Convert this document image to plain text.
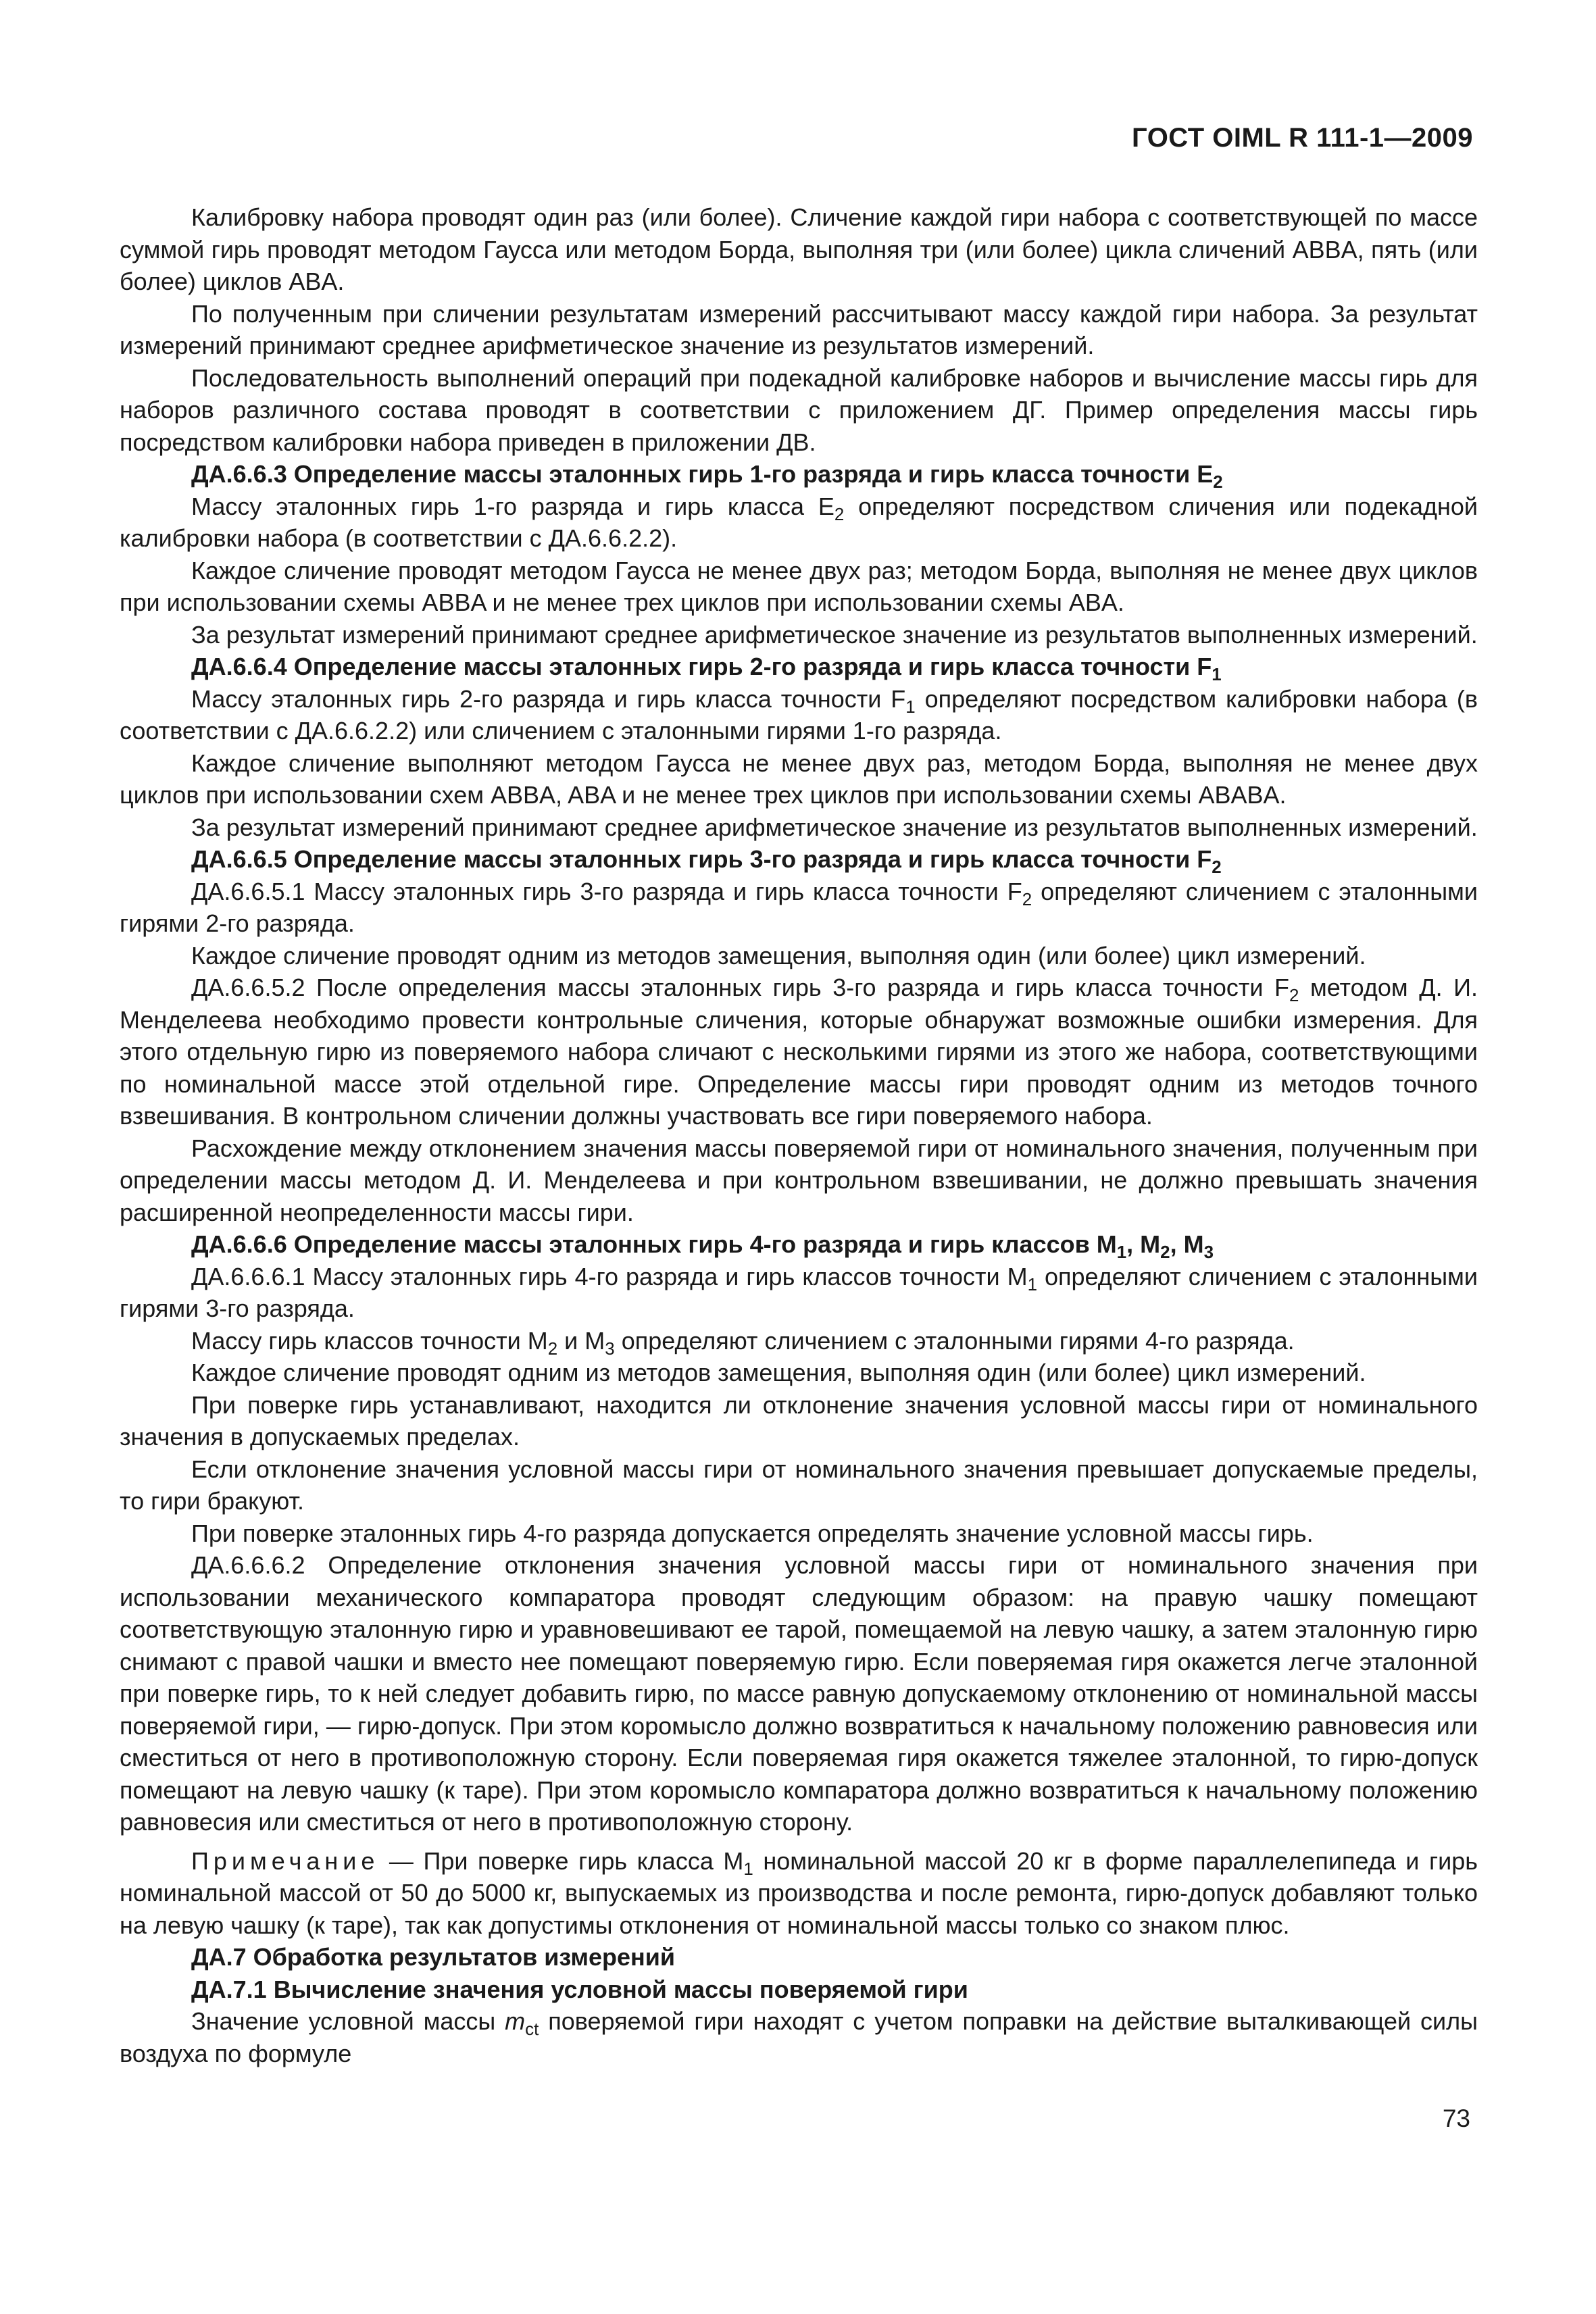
ГОСТ OIML R 111-1—2009

Калибровку набора проводят один раз (или более). Сличение каждой гири набора с соответствующей по массе суммой гирь проводят методом Гаусса или методом Борда, выполняя три (или более) цикла сличений ABBA, пять (или более) циклов ABA.

По полученным при сличении результатам измерений рассчитывают массу каждой гири набора. За результат измерений принимают среднее арифметическое значение из результатов измерений.

Последовательность выполнений операций при подекадной калибровке наборов и вычисление массы гирь для наборов различного состава проводят в соответствии с приложением ДГ. Пример определения массы гирь посредством калибровки набора приведен в приложении ДВ.

ДА.6.6.3 Определение массы эталонных гирь 1-го разряда и гирь класса точности $E_2$

Массу эталонных гирь 1-го разряда и гирь класса $E_2$ определяют посредством сличения или подекадной калибровки набора (в соответствии с ДА.6.6.2.2).

Каждое сличение проводят методом Гаусса не менее двух раз; методом Борда, выполняя не менее двух циклов при использовании схемы ABBA и не менее трех циклов при использовании схемы ABA.

За результат измерений принимают среднее арифметическое значение из результатов выполненных измерений.

ДА.6.6.4 Определение массы эталонных гирь 2-го разряда и гирь класса точности $F_1$

Массу эталонных гирь 2-го разряда и гирь класса точности $F_1$ определяют посредством калибровки набора (в соответствии с ДА.6.6.2.2) или сличением с эталонными гирями 1-го разряда.

Каждое сличение выполняют методом Гаусса не менее двух раз, методом Борда, выполняя не менее двух циклов при использовании схем ABBA, ABA и не менее трех циклов при использовании схемы ABABA.

За результат измерений принимают среднее арифметическое значение из результатов выполненных измерений.

ДА.6.6.5 Определение массы эталонных гирь 3-го разряда и гирь класса точности $F_2$

ДА.6.6.5.1 Массу эталонных гирь 3-го разряда и гирь класса точности $F_2$ определяют сличением с эталонными гирями 2-го разряда.

Каждое сличение проводят одним из методов замещения, выполняя один (или более) цикл измерений.

ДА.6.6.5.2 После определения массы эталонных гирь 3-го разряда и гирь класса точности $F_2$ методом Д. И. Менделеева необходимо провести контрольные сличения, которые обнаружат возможные ошибки измерения. Для этого отдельную гирю из поверяемого набора сличают с несколькими гирями из этого же набора, соответствующими по номинальной массе этой отдельной гире. Определение массы гири проводят одним из методов точного взвешивания. В контрольном сличении должны участвовать все гири поверяемого набора.

Расхождение между отклонением значения массы поверяемой гири от номинального значения, полученным при определении массы методом Д. И. Менделеева и при контрольном взвешивании, не должно превышать значения расширенной неопределенности массы гири.

ДА.6.6.6 Определение массы эталонных гирь 4-го разряда и гирь классов $M_1$, $M_2$, $M_3$

ДА.6.6.6.1 Массу эталонных гирь 4-го разряда и гирь классов точности $M_1$ определяют сличением с эталонными гирями 3-го разряда.

Массу гирь классов точности $M_2$ и $M_3$ определяют сличением с эталонными гирями 4-го разряда.

Каждое сличение проводят одним из методов замещения, выполняя один (или более) цикл измерений.

При поверке гирь устанавливают, находится ли отклонение значения условной массы гири от номинального значения в допускаемых пределах.

Если отклонение значения условной массы гири от номинального значения превышает допускаемые пределы, то гири бракуют.

При поверке эталонных гирь 4-го разряда допускается определять значение условной массы гирь.

ДА.6.6.6.2 Определение отклонения значения условной массы гири от номинального значения при использовании механического компаратора проводят следующим образом: на правую чашку помещают соответствующую эталонную гирю и уравновешивают ее тарой, помещаемой на левую чашку, а затем эталонную гирю снимают с правой чашки и вместо нее помещают поверяемую гирю. Если поверяемая гиря окажется легче эталонной при поверке гирь, то к ней следует добавить гирю, по массе равную допускаемому отклонению от номинальной массы поверяемой гири, — гирю-допуск. При этом коромысло должно возвратиться к начальному положению равновесия или сместиться от него в противоположную сторону. Если поверяемая гиря окажется тяжелее эталонной, то гирю-допуск помещают на левую чашку (к таре). При этом коромысло компаратора должно возвратиться к начальному положению равновесия или сместиться от него в противоположную сторону.

Примечание — При поверке гирь класса $M_1$ номинальной массой 20 кг в форме параллелепипеда и гирь номинальной массой от 50 до 5000 кг, выпускаемых из производства и после ремонта, гирю-допуск добавляют только на левую чашку (к таре), так как допустимы отклонения от номинальной массы только со знаком плюс.

ДА.7 Обработка результатов измерений

ДА.7.1 Вычисление значения условной массы поверяемой гири

Значение условной массы $m_{ct}$ поверяемой гири находят с учетом поправки на действие выталкивающей силы воздуха по формуле

73
